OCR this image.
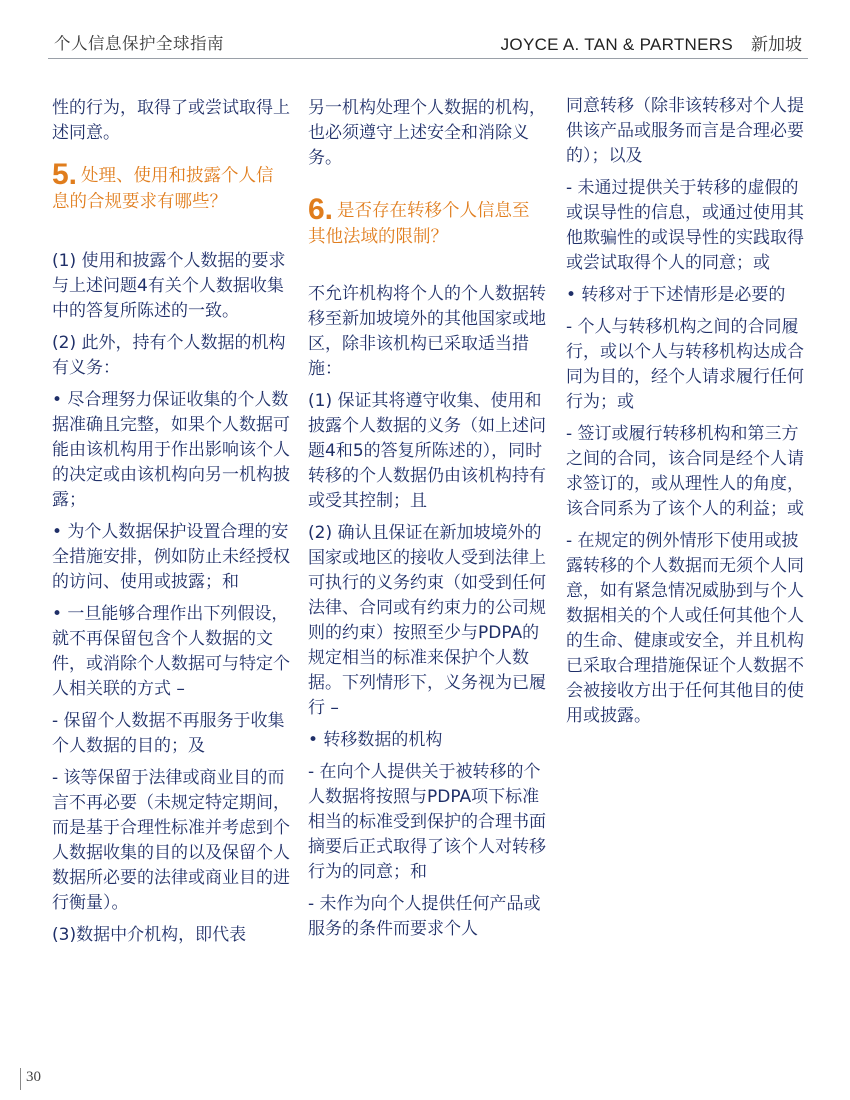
个人信息保护全球指南	JOYCE A. TAN & PARTNERS 新加坡

性的行为，取得了或尝试取得上述同意。

5. 处理、使用和披露个人信息的合规要求有哪些？

(1) 使用和披露个人数据的要求与上述问题4有关个人数据收集中的答复所陈述的一致。

(2) 此外，持有个人数据的机构有义务：

• 尽合理努力保证收集的个人数据准确且完整，如果个人数据可能由该机构用于作出影响该个人的决定或由该机构向另一机构披露；

• 为个人数据保护设置合理的安全措施安排，例如防止未经授权的访问、使用或披露；和

• 一旦能够合理作出下列假设，就不再保留包含个人数据的文件，或消除个人数据可与特定个人相关联的方式 –

- 保留个人数据不再服务于收集个人数据的目的；及

- 该等保留于法律或商业目的而言不再必要（未规定特定期间，而是基于合理性标准并考虑到个人数据收集的目的以及保留个人数据所必要的法律或商业目的进行衡量）。

(3)数据中介机构，即代表

另一机构处理个人数据的机构，也必须遵守上述安全和消除义务。

6. 是否存在转移个人信息至其他法域的限制？

不允许机构将个人的个人数据转移至新加坡境外的其他国家或地区，除非该机构已采取适当措施：

(1) 保证其将遵守收集、使用和披露个人数据的义务（如上述问题4和5的答复所陈述的），同时转移的个人数据仍由该机构持有或受其控制；且

(2) 确认且保证在新加坡境外的国家或地区的接收人受到法律上可执行的义务约束（如受到任何法律、合同或有约束力的公司规则的约束）按照至少与PDPA的规定相当的标准来保护个人数据。下列情形下，义务视为已履行 –

• 转移数据的机构

- 在向个人提供关于被转移的个人数据将按照与PDPA项下标准相当的标准受到保护的合理书面摘要后正式取得了该个人对转移行为的同意；和

- 未作为向个人提供任何产品或服务的条件而要求个人

同意转移（除非该转移对个人提供该产品或服务而言是合理必要的）；以及

- 未通过提供关于转移的虚假的或误导性的信息，或通过使用其他欺骗性的或误导性的实践取得或尝试取得个人的同意；或

• 转移对于下述情形是必要的

- 个人与转移机构之间的合同履行，或以个人与转移机构达成合同为目的，经个人请求履行任何行为；或

- 签订或履行转移机构和第三方之间的合同，该合同是经个人请求签订的，或从理性人的角度，该合同系为了该个人的利益；或

- 在规定的例外情形下使用或披露转移的个人数据而无须个人同意，如有紧急情况威胁到与个人数据相关的个人或任何其他个人的生命、健康或安全，并且机构已采取合理措施保证个人数据不会被接收方出于任何其他目的使用或披露。

30
